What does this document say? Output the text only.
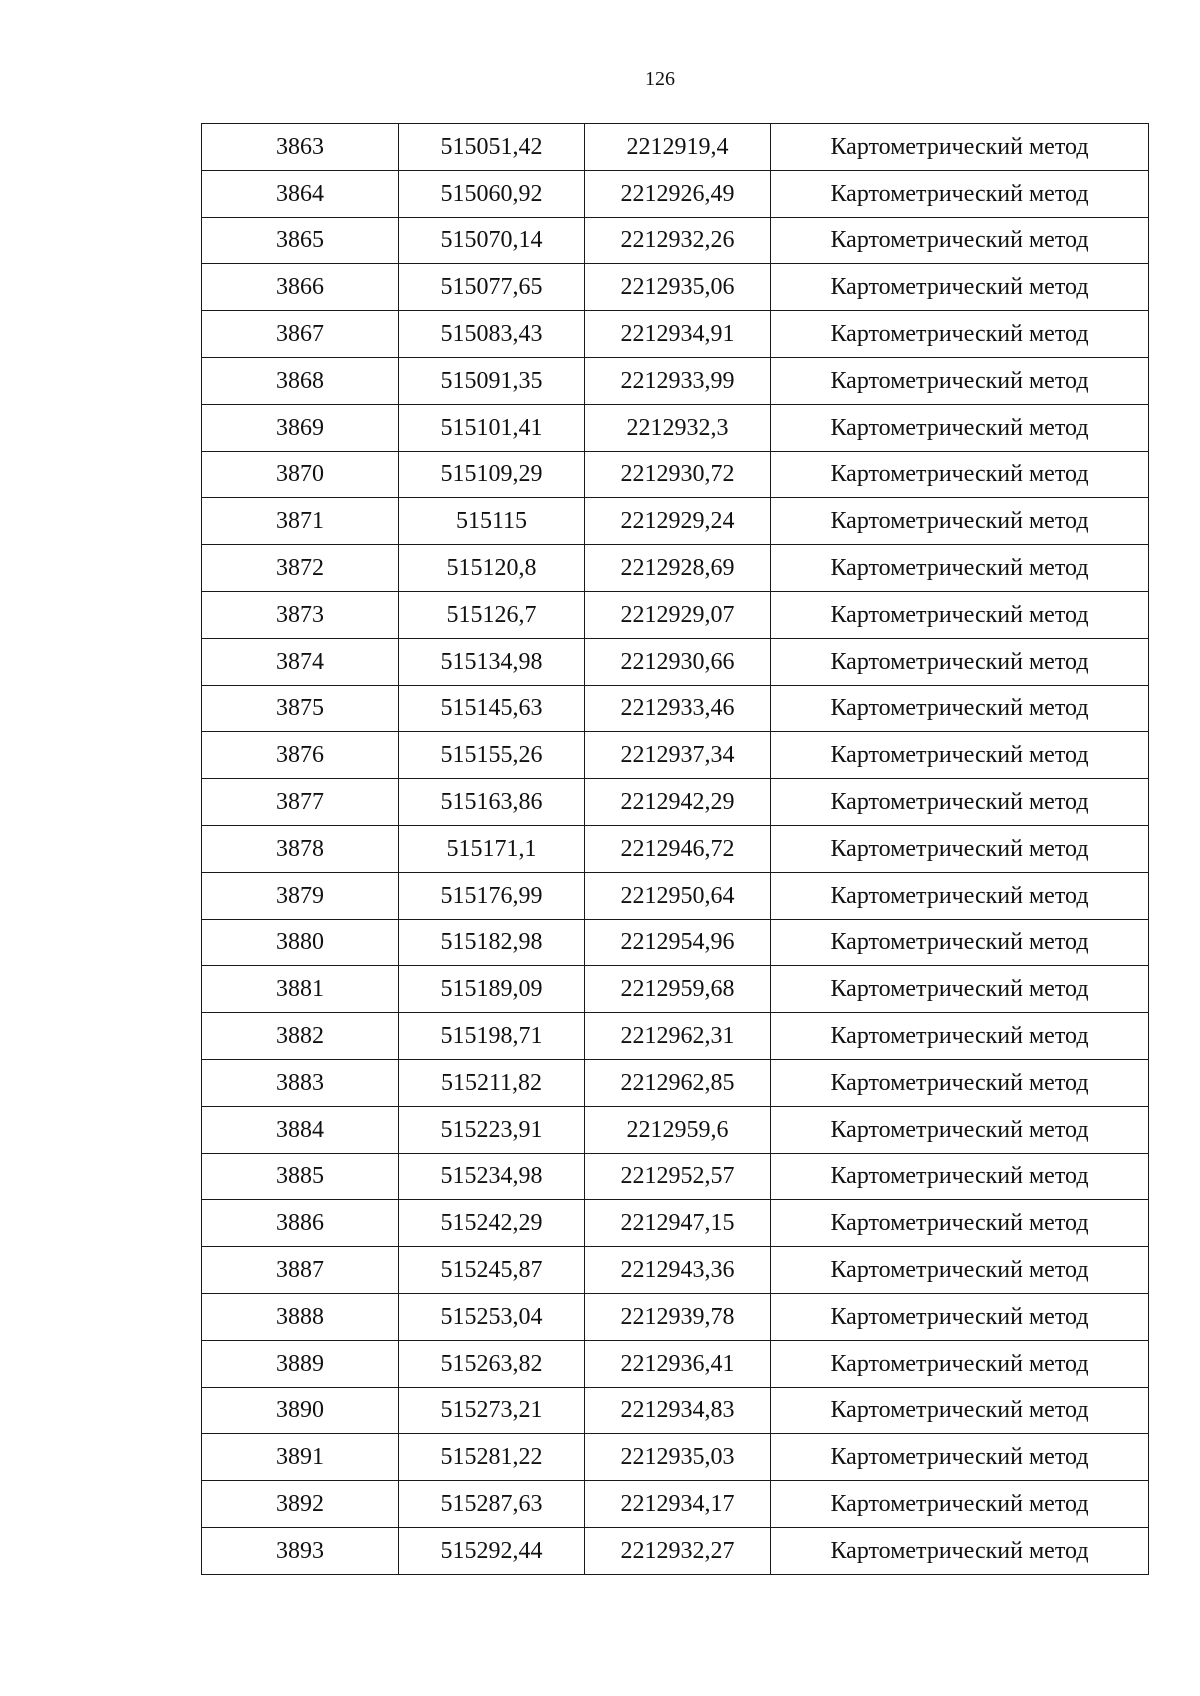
126
3863	515051,42	2212919,4	Картометрический метод
3864	515060,92	2212926,49	Картометрический метод
3865	515070,14	2212932,26	Картометрический метод
3866	515077,65	2212935,06	Картометрический метод
3867	515083,43	2212934,91	Картометрический метод
3868	515091,35	2212933,99	Картометрический метод
3869	515101,41	2212932,3	Картометрический метод
3870	515109,29	2212930,72	Картометрический метод
3871	515115	2212929,24	Картометрический метод
3872	515120,8	2212928,69	Картометрический метод
3873	515126,7	2212929,07	Картометрический метод
3874	515134,98	2212930,66	Картометрический метод
3875	515145,63	2212933,46	Картометрический метод
3876	515155,26	2212937,34	Картометрический метод
3877	515163,86	2212942,29	Картометрический метод
3878	515171,1	2212946,72	Картометрический метод
3879	515176,99	2212950,64	Картометрический метод
3880	515182,98	2212954,96	Картометрический метод
3881	515189,09	2212959,68	Картометрический метод
3882	515198,71	2212962,31	Картометрический метод
3883	515211,82	2212962,85	Картометрический метод
3884	515223,91	2212959,6	Картометрический метод
3885	515234,98	2212952,57	Картометрический метод
3886	515242,29	2212947,15	Картометрический метод
3887	515245,87	2212943,36	Картометрический метод
3888	515253,04	2212939,78	Картометрический метод
3889	515263,82	2212936,41	Картометрический метод
3890	515273,21	2212934,83	Картометрический метод
3891	515281,22	2212935,03	Картометрический метод
3892	515287,63	2212934,17	Картометрический метод
3893	515292,44	2212932,27	Картометрический метод
